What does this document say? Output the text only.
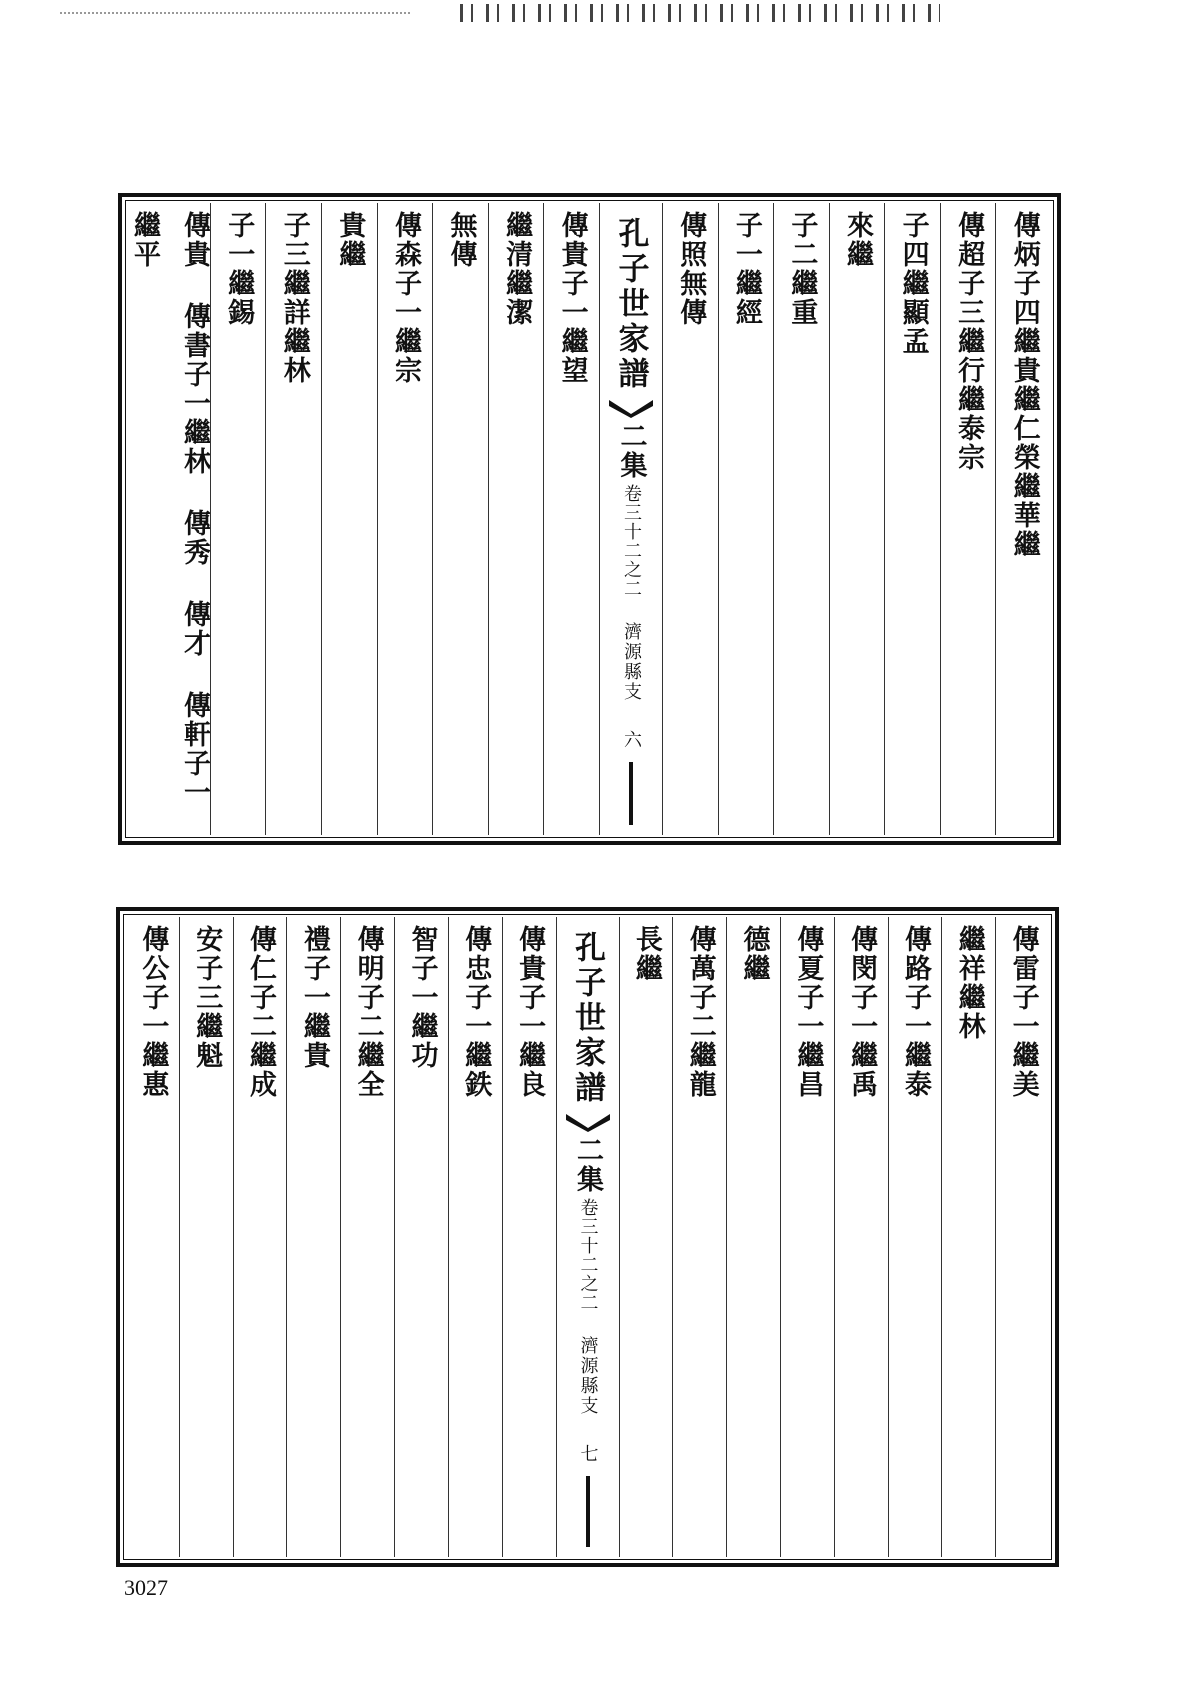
傳炳子四繼貴繼仁榮繼華繼
傳超子三繼行繼泰宗
子四繼顯孟
來繼
子二繼重
子一繼經
傳照無傳
孔子世家譜
二集
卷三十二之二
濟源縣支
六
傳貴子一繼望
繼清繼潔
無傳
傳森子一繼宗
貴繼
子三繼詳繼林
子一繼錫
傳貴 傳書子一繼林 傳秀 傳才 傳軒子一繼平
傳雷子一繼美
繼祥繼林
傳路子一繼泰
傳閔子一繼禹
傳夏子一繼昌
德繼
傳萬子二繼龍
長繼
孔子世家譜
二集
卷三十二之二
濟源縣支
七
傳貴子一繼良
傳忠子一繼鉄
智子一繼功
傳明子二繼全
禮子一繼貴
傳仁子二繼成
安子三繼魁
傳公子一繼惠
3027
